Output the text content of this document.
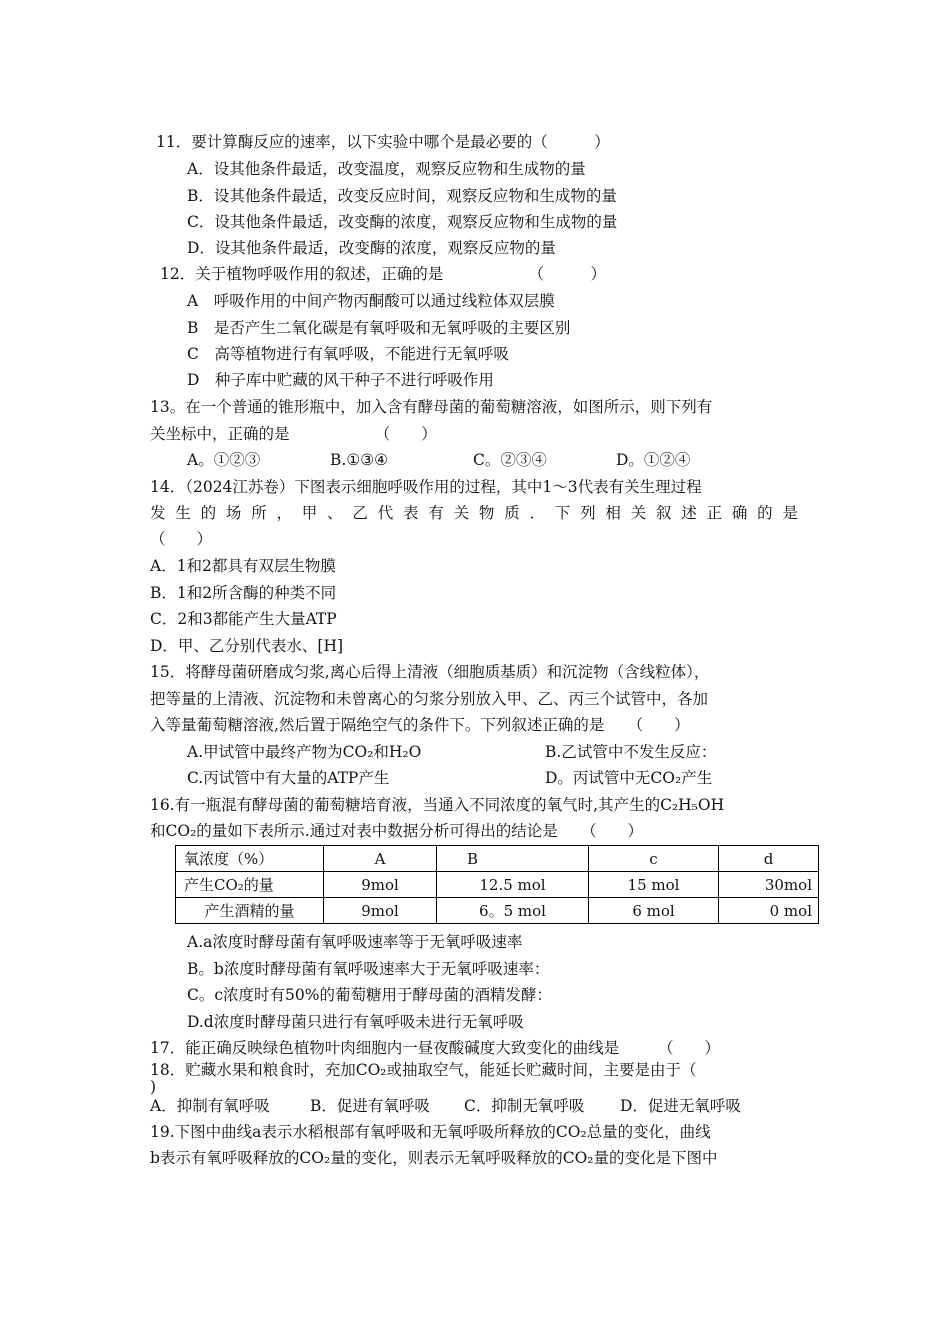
11．要计算酶反应的速率，以下实验中哪个是最必要的（　　　）
A．设其他条件最适，改变温度，观察反应物和生成物的量
B．设其他条件最适，改变反应时间，观察反应物和生成物的量
C．设其他条件最适，改变酶的浓度，观察反应物和生成物的量
D．设其他条件最适，改变酶的浓度，观察反应物的量
12．关于植物呼吸作用的叙述，正确的是　　　　　　（　　　）
A　呼吸作用的中间产物丙酮酸可以通过线粒体双层膜
B　是否产生二氧化碳是有氧呼吸和无氧呼吸的主要区别
C　高等植物进行有氧呼吸，不能进行无氧呼吸
D　种子库中贮藏的风干种子不进行呼吸作用
13。在一个普通的锥形瓶中，加入含有酵母菌的葡萄糖溶液，如图所示，则下列有
关坐标中，正确的是　　　　　　（　　）
A。①②③	B.①③④	C。②③④	D。①②④
14．（2024江苏卷）下图表示细胞呼吸作用的过程，其中1～3代表有关生理过程
发生的场所，甲、乙代表有关物质．下列相关叙述正确的是
（　　）
A．1和2都具有双层生物膜
B．1和2所含酶的种类不同
C．2和3都能产生大量ATP
D．甲、乙分别代表水、[H]
15．将酵母菌研磨成匀浆,离心后得上清液（细胞质基质）和沉淀物（含线粒体），
把等量的上清液、沉淀物和未曾离心的匀浆分别放入甲、乙、丙三个试管中，各加
入等量葡萄糖溶液,然后置于隔绝空气的条件下。下列叙述正确的是　　（　　）
A.甲试管中最终产物为CO₂和H₂O	B.乙试管中不发生反应：
C.丙试管中有大量的ATP产生	D。丙试管中无CO₂产生
16.有一瓶混有酵母菌的葡萄糖培育液，当通入不同浓度的氧气时,其产生的C₂H₅OH
和CO₂的量如下表所示.通过对表中数据分析可得出的结论是　　（　　）
氧浓度（%）	A	B	c	d
产生CO₂的量	9mol	12.5 mol	15 mol	30mol
产生酒精的量	9mol	6。5 mol	6 mol	0 mol
A.a浓度时酵母菌有氧呼吸速率等于无氧呼吸速率
B。b浓度时酵母菌有氧呼吸速率大于无氧呼吸速率：
C。c浓度时有50%的葡萄糖用于酵母菌的酒精发酵：
D.d浓度时酵母菌只进行有氧呼吸未进行无氧呼吸
17．能正确反映绿色植物叶肉细胞内一昼夜酸碱度大致变化的曲线是　　　（　　）
18．贮藏水果和粮食时，充加CO₂或抽取空气，能延长贮藏时间，主要是由于（
)
A．抑制有氧呼吸	B．促进有氧呼吸 C．抑制无氧呼吸 D．促进无氧呼吸
19.下图中曲线a表示水稻根部有氧呼吸和无氧呼吸所释放的CO₂总量的变化，曲线
b表示有氧呼吸释放的CO₂量的变化，则表示无氧呼吸释放的CO₂量的变化是下图中
